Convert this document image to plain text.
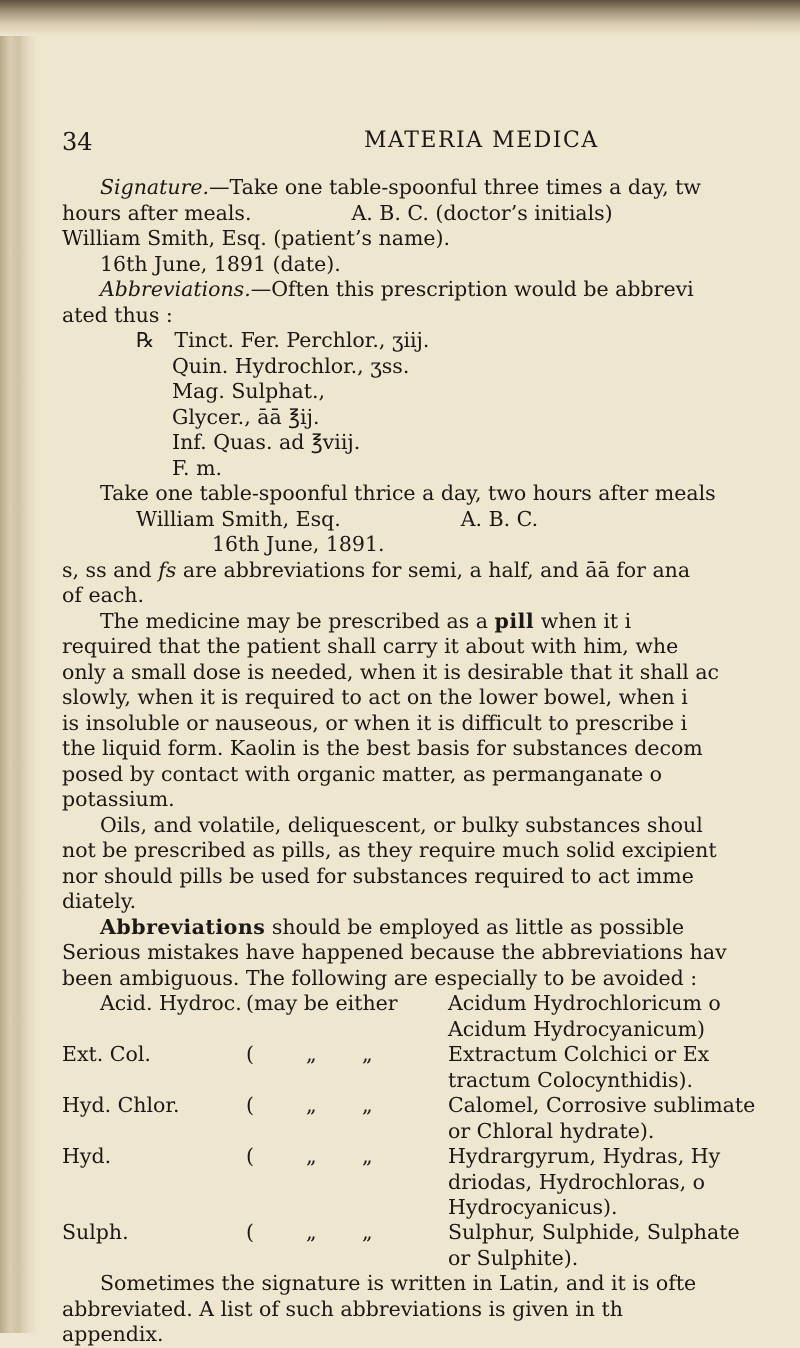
34	MATERIA MEDICA
Signature.—Take one table-spoonful three times a day, tw
hours after meals.	A. B. C. (doctor’s initials)
William Smith, Esq. (patient’s name).
16th June, 1891 (date).
Abbreviations.—Often this prescription would be abbrevi
ated thus :
℞ Tinct. Fer. Perchlor., ʒiij.
Quin. Hydrochlor., ʒss.
Mag. Sulphat.,
Glycer., āā ℥ij.
Inf. Quas. ad ℥viij.
F. m.
Take one table-spoonful thrice a day, two hours after meals
William Smith, Esq.	A. B. C.
16th June, 1891.
s, ss and fs are abbreviations for semi, a half, and āā for ana
of each.
The medicine may be prescribed as a pill when it i
required that the patient shall carry it about with him, whe
only a small dose is needed, when it is desirable that it shall ac
slowly, when it is required to act on the lower bowel, when i
is insoluble or nauseous, or when it is difficult to prescribe i
the liquid form. Kaolin is the best basis for substances decom
posed by contact with organic matter, as permanganate o
potassium.
Oils, and volatile, deliquescent, or bulky substances shoul
not be prescribed as pills, as they require much solid excipient
nor should pills be used for substances required to act imme
diately.
Abbreviations should be employed as little as possible
Serious mistakes have happened because the abbreviations hav
been ambiguous. The following are especially to be avoided :
Acid. Hydroc. (may be either Acidum Hydrochloricum o
Acidum Hydrocyanicum)
Ext. Col.	(	„ „	Extractum Colchici or Ex
tractum Colocynthidis).
Hyd. Chlor.	(	„ „	Calomel, Corrosive sublimate
or Chloral hydrate).
Hyd.	(	„ „	Hydrargyrum, Hydras, Hy
driodas, Hydrochloras, o
Hydrocyanicus).
Sulph.	(	„ „	Sulphur, Sulphide, Sulphate
or Sulphite).
Sometimes the signature is written in Latin, and it is ofte
abbreviated. A list of such abbreviations is given in th
appendix.
